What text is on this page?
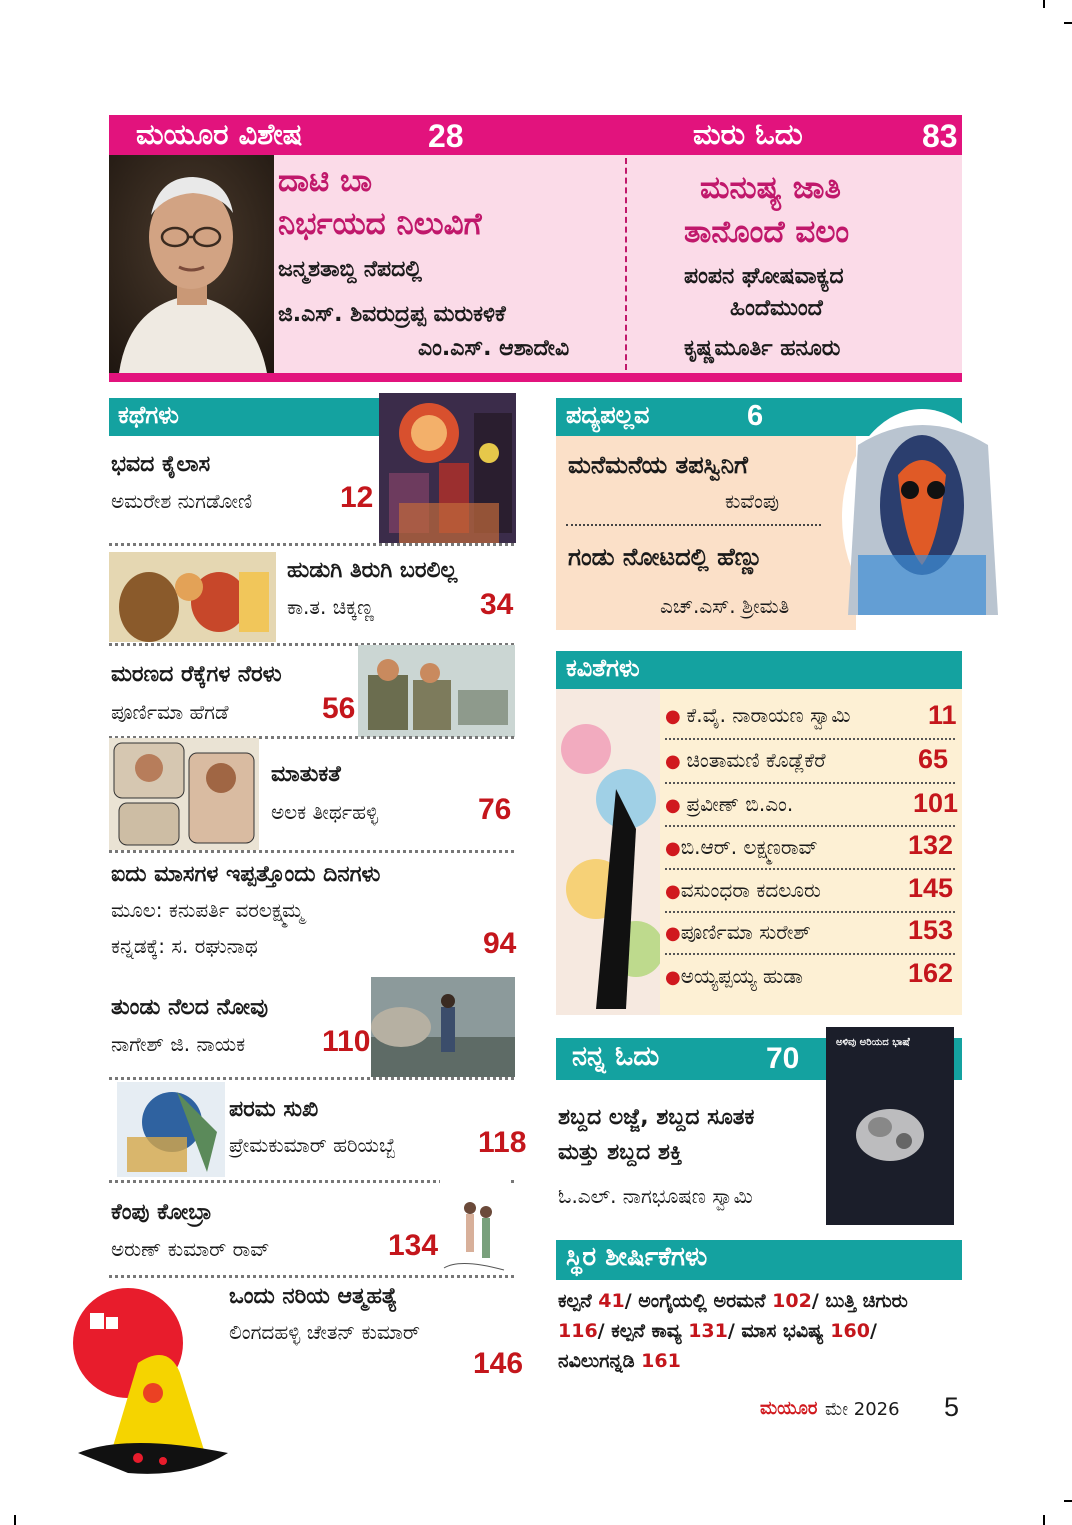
ಮಯೂರ ವಿಶೇಷ	28	ಮರು ಓದು	83
ದಾಟಿ ಬಾ
ನಿರ್ಭಯದ ನಿಲುವಿಗೆ
ಜನ್ಮಶತಾಬ್ದಿ ನೆಪದಲ್ಲಿ
ಜಿ.ಎಸ್‌. ಶಿವರುದ್ರಪ್ಪ ಮರುಕಳಿಕೆ
ಎಂ.ಎಸ್‌. ಆಶಾದೇವಿ
ಮನುಷ್ಯ ಜಾತಿ
ತಾನೊಂದೆ ವಲಂ
ಪಂಪನ ಘೋಷವಾಕ್ಯದ
ಹಿಂದೆಮುಂದೆ
ಕೃಷ್ಣಮೂರ್ತಿ ಹನೂರು
ಕಥೆಗಳು
ಭವದ ಕೈಲಾಸ
ಅಮರೇಶ ನುಗಡೋಣಿ	12
ಹುಡುಗಿ ತಿರುಗಿ ಬರಲಿಲ್ಲ
ಕಾ.ತ. ಚಿಕ್ಕಣ್ಣ	34
ಮರಣದ ರೆಕ್ಕೆಗಳ ನೆರಳು
ಪೂರ್ಣಿಮಾ ಹೆಗಡೆ	56
ಮಾತುಕತೆ
ಅಲಕ ತೀರ್ಥಹಳ್ಳಿ	76
ಐದು ಮಾಸಗಳ ಇಪ್ಪತ್ತೊಂದು ದಿನಗಳು
ಮೂಲ: ಕನುಪರ್ತಿ ವರಲಕ್ಷ್ಮಮ್ಮ
ಕನ್ನಡಕ್ಕೆ: ಸ. ರಘುನಾಥ	94
ತುಂಡು ನೆಲದ ನೋವು
ನಾಗೇಶ್‌ ಜಿ. ನಾಯಕ	110
ಪರಮ ಸುಖಿ
ಪ್ರೇಮಕುಮಾರ್‌ ಹರಿಯಬ್ಬೆ	118
ಕೆಂಪು ಕೋಬ್ರಾ
ಅರುಣ್‌ ಕುಮಾರ್‌ ರಾವ್‌	134
ಒಂದು ನರಿಯ ಆತ್ಮಹತ್ಯೆ
ಲಿಂಗದಹಳ್ಳಿ ಚೇತನ್‌ ಕುಮಾರ್‌
146
ಪದ್ಯಪಲ್ಲವ	6
ಮನೆಮನೆಯ ತಪಸ್ವಿನಿಗೆ
ಕುವೆಂಪು
ಗಂಡು ನೋಟದಲ್ಲಿ ಹೆಣ್ಣು
ಎಚ್‌.ಎಸ್‌. ಶ್ರೀಮತಿ
ಕವಿತೆಗಳು
● ಕೆ.ವೈ. ನಾರಾಯಣ ಸ್ವಾಮಿ	11
● ಚಿಂತಾಮಣಿ ಕೊಡ್ಲೆಕೆರೆ	65
● ಪ್ರವೀಣ್‌ ಬಿ.ಎಂ.	101
●ಬಿ.ಆರ್‌. ಲಕ್ಷ್ಮಣರಾವ್‌	132
●ವಸುಂಧರಾ ಕದಲೂರು	145
●ಪೂರ್ಣಿಮಾ ಸುರೇಶ್‌	153
●ಅಯ್ಯಪ್ಪಯ್ಯ ಹುಡಾ	162
ನನ್ನ ಓದು	70	ಅಳಿವು ಅರಿಯದ ಭಾಷೆ
ಶಬ್ದದ ಲಜ್ಜೆ, ಶಬ್ದದ ಸೂತಕ
ಮತ್ತು ಶಬ್ದದ ಶಕ್ತಿ
ಓ.ಎಲ್‌. ನಾಗಭೂಷಣ ಸ್ವಾಮಿ
ಸ್ಥಿರ ಶೀರ್ಷಿಕೆಗಳು
ಕಲ್ಪನೆ 41/ ಅಂಗೈಯಲ್ಲಿ ಅರಮನೆ 102/ ಬುತ್ತಿ ಚಿಗುರು
116/ ಕಲ್ಪನೆ ಕಾವ್ಯ 131/ ಮಾಸ ಭವಿಷ್ಯ 160/
ನವಿಲುಗನ್ನಡಿ 161
ಮಯೂರ ಮೇ 2026 5
